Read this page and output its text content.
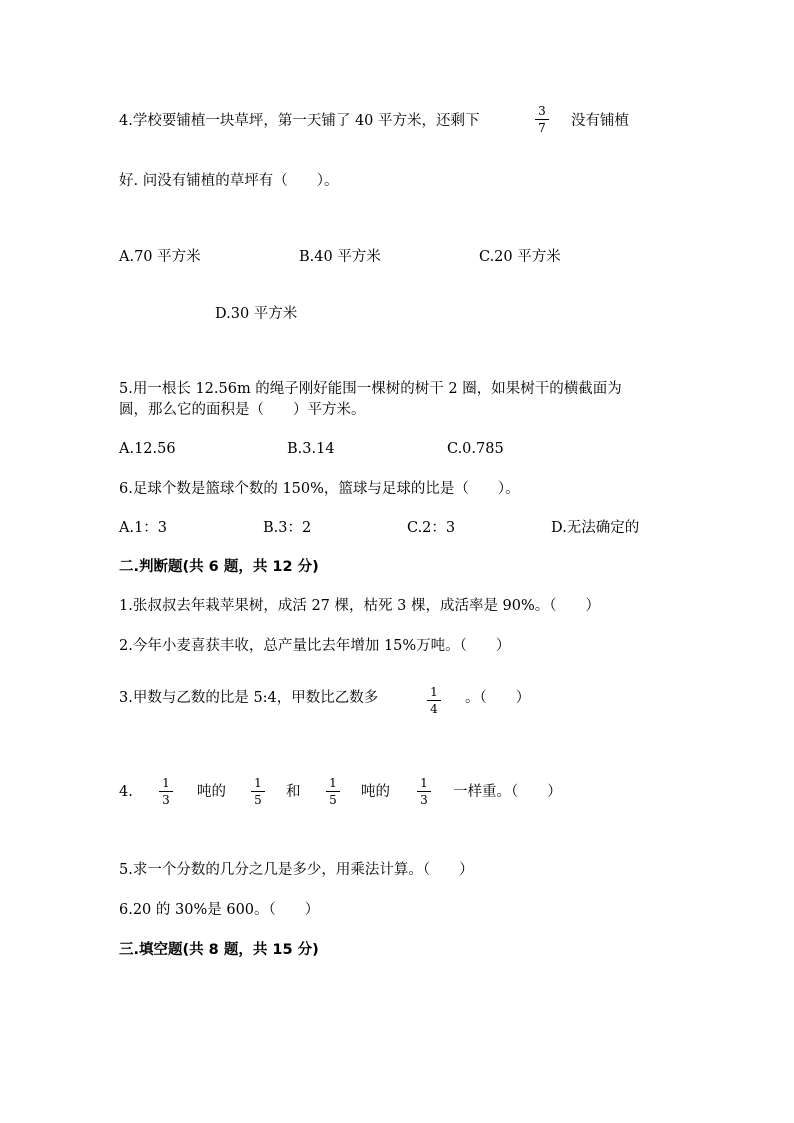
4.学校要铺植一块草坪，第一天铺了 40 平方米，还剩下
3
7 没有铺植
好. 问没有铺植的草坪有（　　）。
A.70 平方米	B.40 平方米	C.20 平方米
D.30 平方米
5.用一根长 12.56m 的绳子刚好能围一棵树的树干 2 圈，如果树干的横截面为
圆，那么它的面积是（　　）平方米。
A.12.56	B.3.14	C.0.785
6.足球个数是篮球个数的 150%，篮球与足球的比是（　　）。
A.1：3	B.3：2	C.2：3	D.无法确定的
二.判断题(共 6 题，共 12 分)
1.张叔叔去年栽苹果树，成活 27 棵，枯死 3 棵，成活率是 90%。（　　）
2.今年小麦喜获丰收，总产量比去年增加 15%万吨。（　　）
3.甲数与乙数的比是 5:4，甲数比乙数多	1
4
。（　　）
4.
1
3 吨的
1
5 和
1
5 吨的
1
3 一样重。（　　）
5.求一个分数的几分之几是多少，用乘法计算。（　　）
6.20 的 30%是 600。（　　）
三.填空题(共 8 题，共 15 分)
